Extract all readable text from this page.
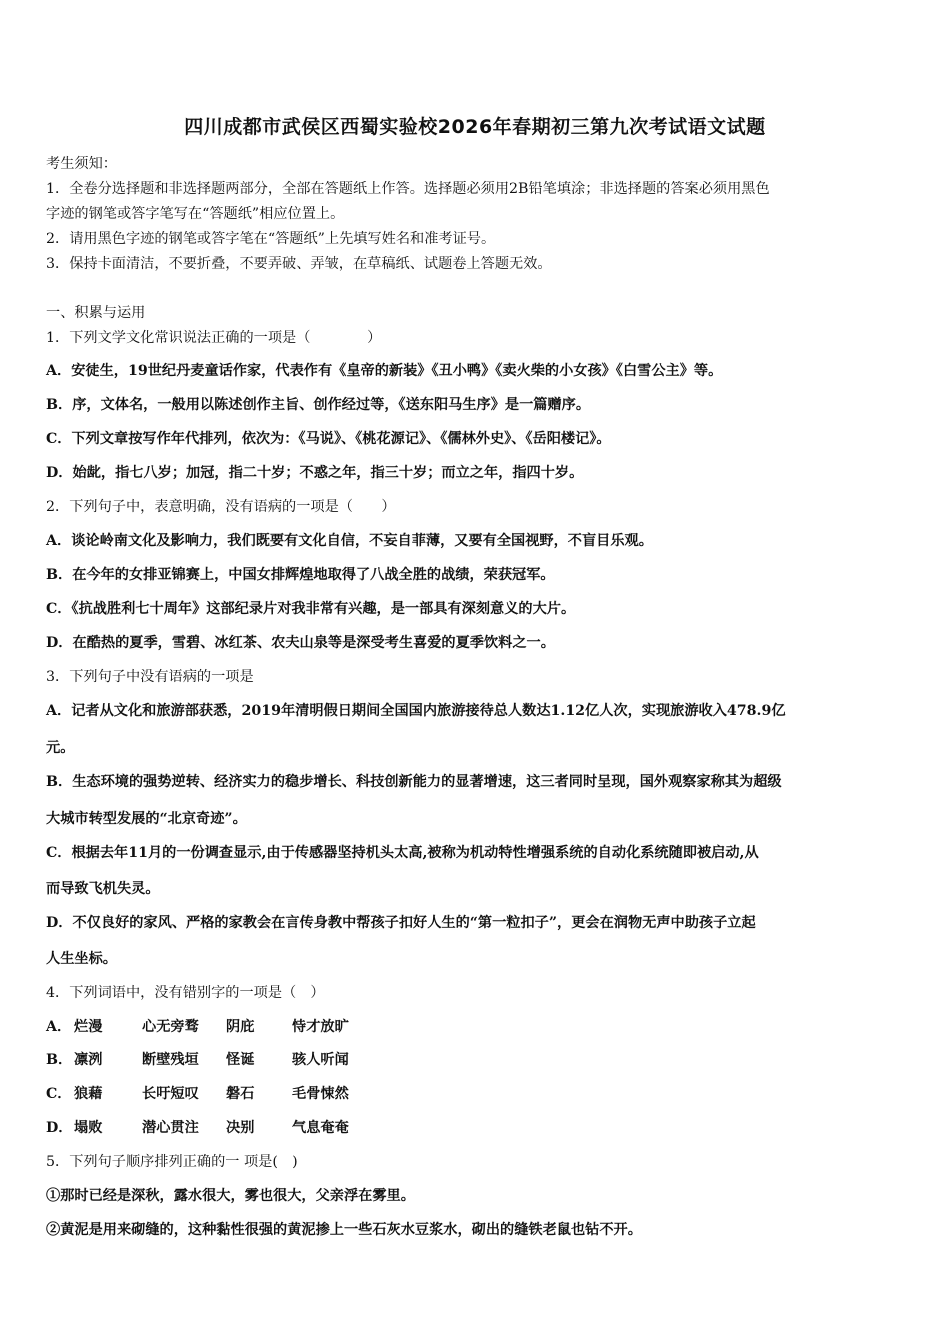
四川成都市武侯区西蜀实验校2026年春期初三第九次考试语文试题
考生须知：
1．全卷分选择题和非选择题两部分，全部在答题纸上作答。选择题必须用2B铅笔填涂；非选择题的答案必须用黑色
字迹的钢笔或答字笔写在“答题纸”相应位置上。
2．请用黑色字迹的钢笔或答字笔在“答题纸”上先填写姓名和准考证号。
3．保持卡面清洁，不要折叠，不要弄破、弄皱，在草稿纸、试题卷上答题无效。
一、积累与运用
1．下列文学文化常识说法正确的一项是（　　　　）
A．安徒生，19世纪丹麦童话作家，代表作有《皇帝的新装》《丑小鸭》《卖火柴的小女孩》《白雪公主》等。
B．序，文体名，一般用以陈述创作主旨、创作经过等，《送东阳马生序》是一篇赠序。
C．下列文章按写作年代排列，依次为：《马说》、《桃花源记》、《儒林外史》、《岳阳楼记》。
D．始龀，指七八岁；加冠，指二十岁；不惑之年，指三十岁；而立之年，指四十岁。
2．下列句子中，表意明确，没有语病的一项是（　　）
A．谈论岭南文化及影响力，我们既要有文化自信，不妄自菲薄，又要有全国视野，不盲目乐观。
B．在今年的女排亚锦赛上，中国女排辉煌地取得了八战全胜的战绩，荣获冠军。
C．《抗战胜利七十周年》这部纪录片对我非常有兴趣，是一部具有深刻意义的大片。
D．在酷热的夏季，雪碧、冰红茶、农夫山泉等是深受考生喜爱的夏季饮料之一。
3．下列句子中没有语病的一项是
A．记者从文化和旅游部获悉，2019年清明假日期间全国国内旅游接待总人数达1.12亿人次，实现旅游收入478.9亿
元。
B．生态环境的强势逆转、经济实力的稳步增长、科技创新能力的显著增速，这三者同时呈现，国外观察家称其为超级
大城市转型发展的“北京奇迹”。
C．根据去年11月的一份调查显示,由于传感器坚持机头太高,被称为机动特性增强系统的自动化系统随即被启动,从
而导致飞机失灵。
D．不仅良好的家风、严格的家教会在言传身教中帮孩子扣好人生的“第一粒扣子”，更会在润物无声中助孩子立起
人生坐标。
4．下列词语中，没有错别字的一项是（　）
A． 烂漫	心无旁骛 阴庇	恃才放旷
B． 凛洌	断壁残垣 怪诞	骇人听闻
C． 狼藉	长吁短叹 磐石	毛骨悚然
D． 塌败	潜心贯注 决别	气息奄奄
5．下列句子顺序排列正确的一 项是(　)
①那时已经是深秋，露水很大，雾也很大，父亲浮在雾里。
②黄泥是用来砌缝的，这种黏性很强的黄泥掺上一些石灰水豆浆水，砌出的缝铁老鼠也钻不开。
